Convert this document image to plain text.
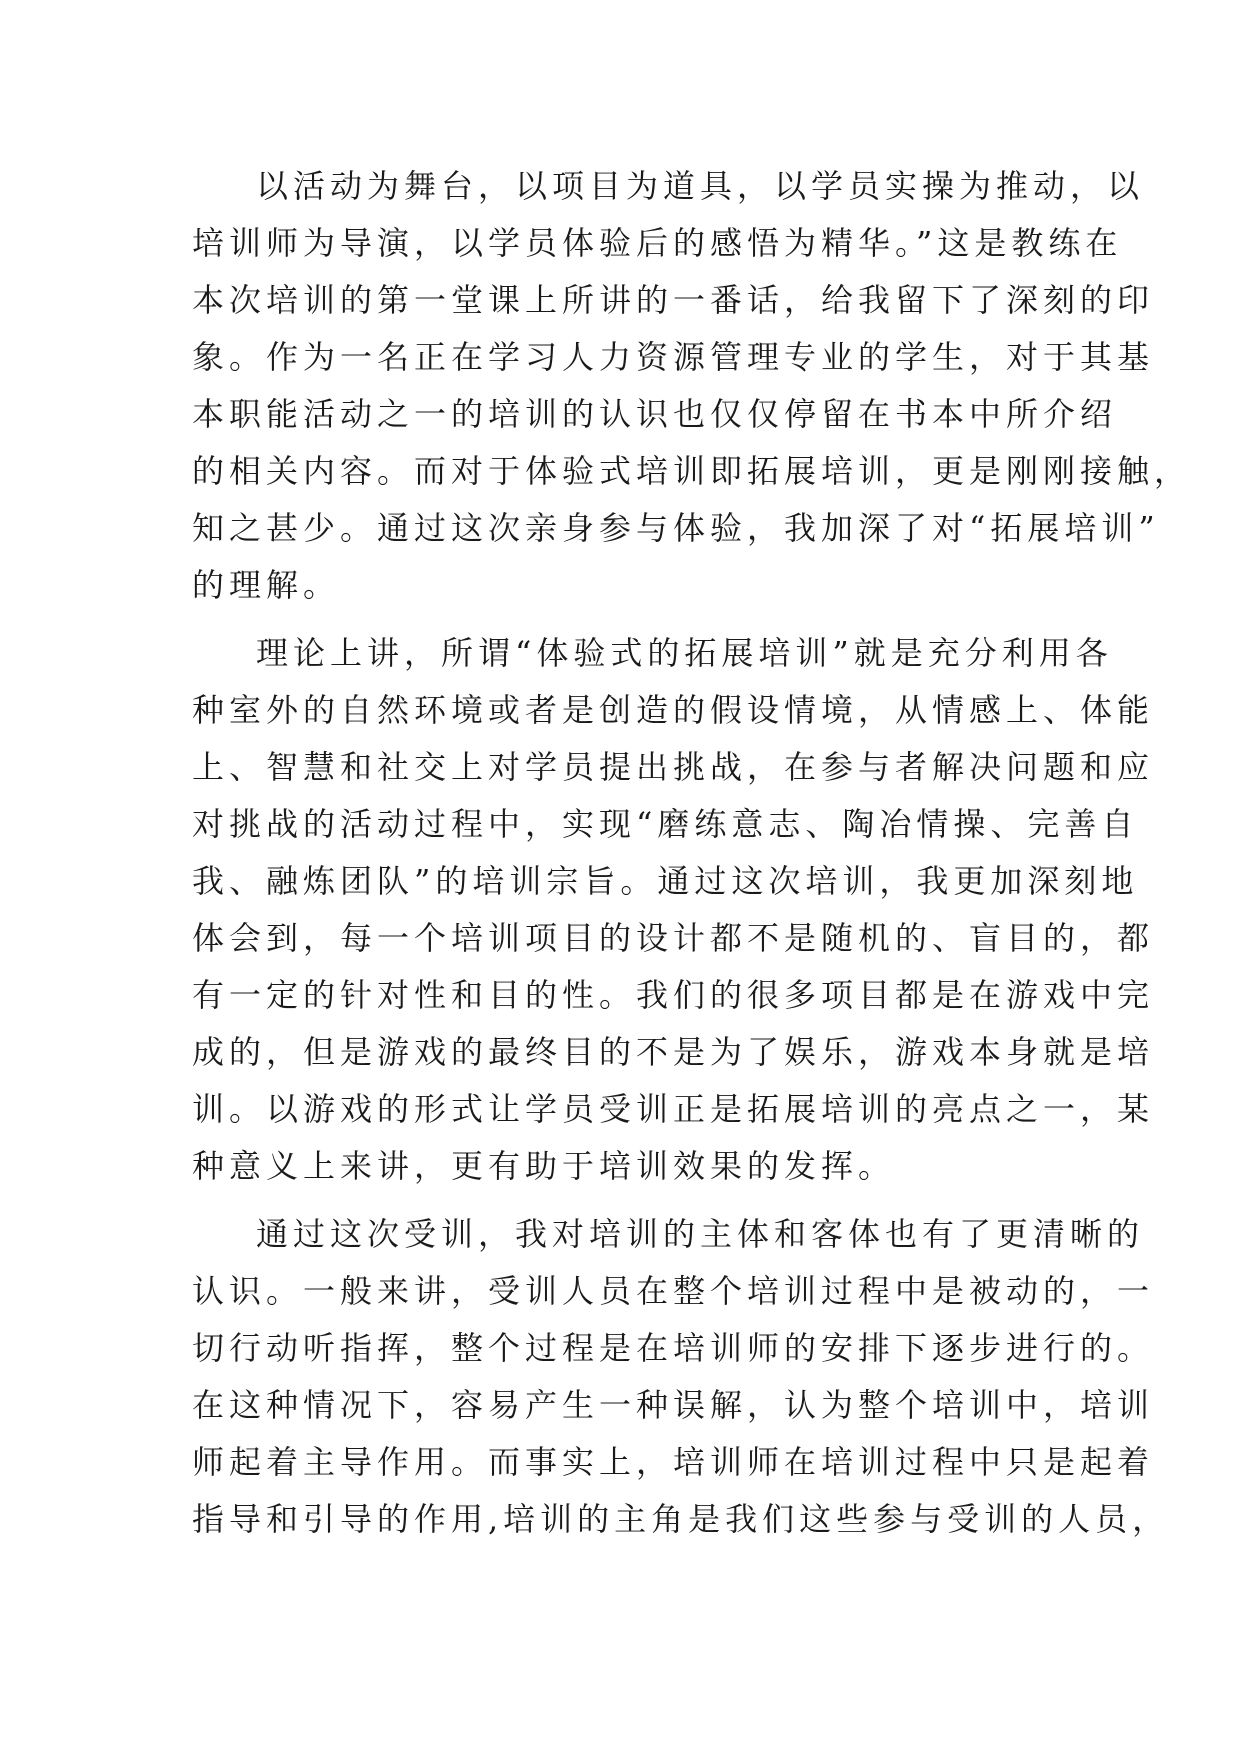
以活动为舞台，以项目为道具，以学员实操为推动，以
培训师为导演，以学员体验后的感悟为精华。”这是教练在
本次培训的第一堂课上所讲的一番话，给我留下了深刻的印
象。作为一名正在学习人力资源管理专业的学生，对于其基
本职能活动之一的培训的认识也仅仅停留在书本中所介绍
的相关内容。而对于体验式培训即拓展培训，更是刚刚接触，
知之甚少。通过这次亲身参与体验，我加深了对“拓展培训”
的理解。
理论上讲，所谓“体验式的拓展培训”就是充分利用各
种室外的自然环境或者是创造的假设情境，从情感上、体能
上、智慧和社交上对学员提出挑战，在参与者解决问题和应
对挑战的活动过程中，实现“磨练意志、陶冶情操、完善自
我、融炼团队”的培训宗旨。通过这次培训，我更加深刻地
体会到，每一个培训项目的设计都不是随机的、盲目的，都
有一定的针对性和目的性。我们的很多项目都是在游戏中完
成的，但是游戏的最终目的不是为了娱乐，游戏本身就是培
训。以游戏的形式让学员受训正是拓展培训的亮点之一，某
种意义上来讲，更有助于培训效果的发挥。
通过这次受训，我对培训的主体和客体也有了更清晰的
认识。一般来讲，受训人员在整个培训过程中是被动的，一
切行动听指挥，整个过程是在培训师的安排下逐步进行的。
在这种情况下，容易产生一种误解，认为整个培训中，培训
师起着主导作用。而事实上，培训师在培训过程中只是起着
指导和引导的作用,培训的主角是我们这些参与受训的人员，
